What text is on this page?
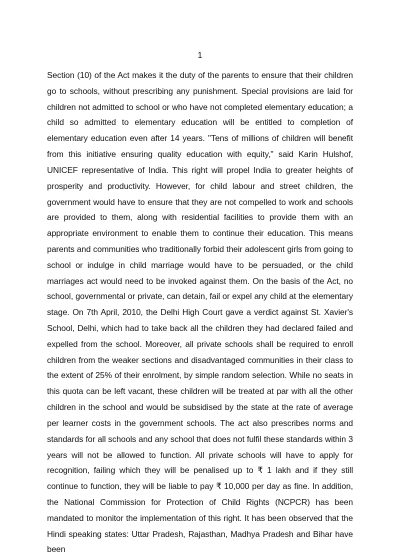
1

Section (10) of the Act makes it the duty of the parents to ensure that their children go to schools, without prescribing any punishment. Special provisions are laid for children not admitted to school or who have not completed elementary education; a child so admitted to elementary education will be entitled to completion of elementary education even after 14 years. "Tens of millions of children will benefit from this initiative ensuring quality education with equity," said Karin Hulshof, UNICEF representative of India. This right will propel India to greater heights of prosperity and productivity. However, for child labour and street children, the government would have to ensure that they are not compelled to work and schools are provided to them, along with residential facilities to provide them with an appropriate environment to enable them to continue their education. This means parents and communities who traditionally forbid their adolescent girls from going to school or indulge in child marriage would have to be persuaded, or the child marriages act would need to be invoked against them. On the basis of the Act, no school, governmental or private, can detain, fail or expel any child at the elementary stage. On 7th April, 2010, the Delhi High Court gave a verdict against St. Xavier's School, Delhi, which had to take back all the children they had declared failed and expelled from the school. Moreover, all private schools shall be required to enroll children from the weaker sections and disadvantaged communities in their class to the extent of 25% of their enrolment, by simple random selection. While no seats in this quota can be left vacant, these children will be treated at par with all the other children in the school and would be subsidised by the state at the rate of average per learner costs in the government schools. The act also prescribes norms and standards for all schools and any school that does not fulfil these standards within 3 years will not be allowed to function. All private schools will have to apply for recognition, failing which they will be penalised up to ₹ 1 lakh and if they still continue to function, they will be liable to pay ₹ 10,000 per day as fine. In addition, the National Commission for Protection of Child Rights (NCPCR) has been mandated to monitor the implementation of this right. It has been observed that the Hindi speaking states: Uttar Pradesh, Rajasthan, Madhya Pradesh and Bihar have been
